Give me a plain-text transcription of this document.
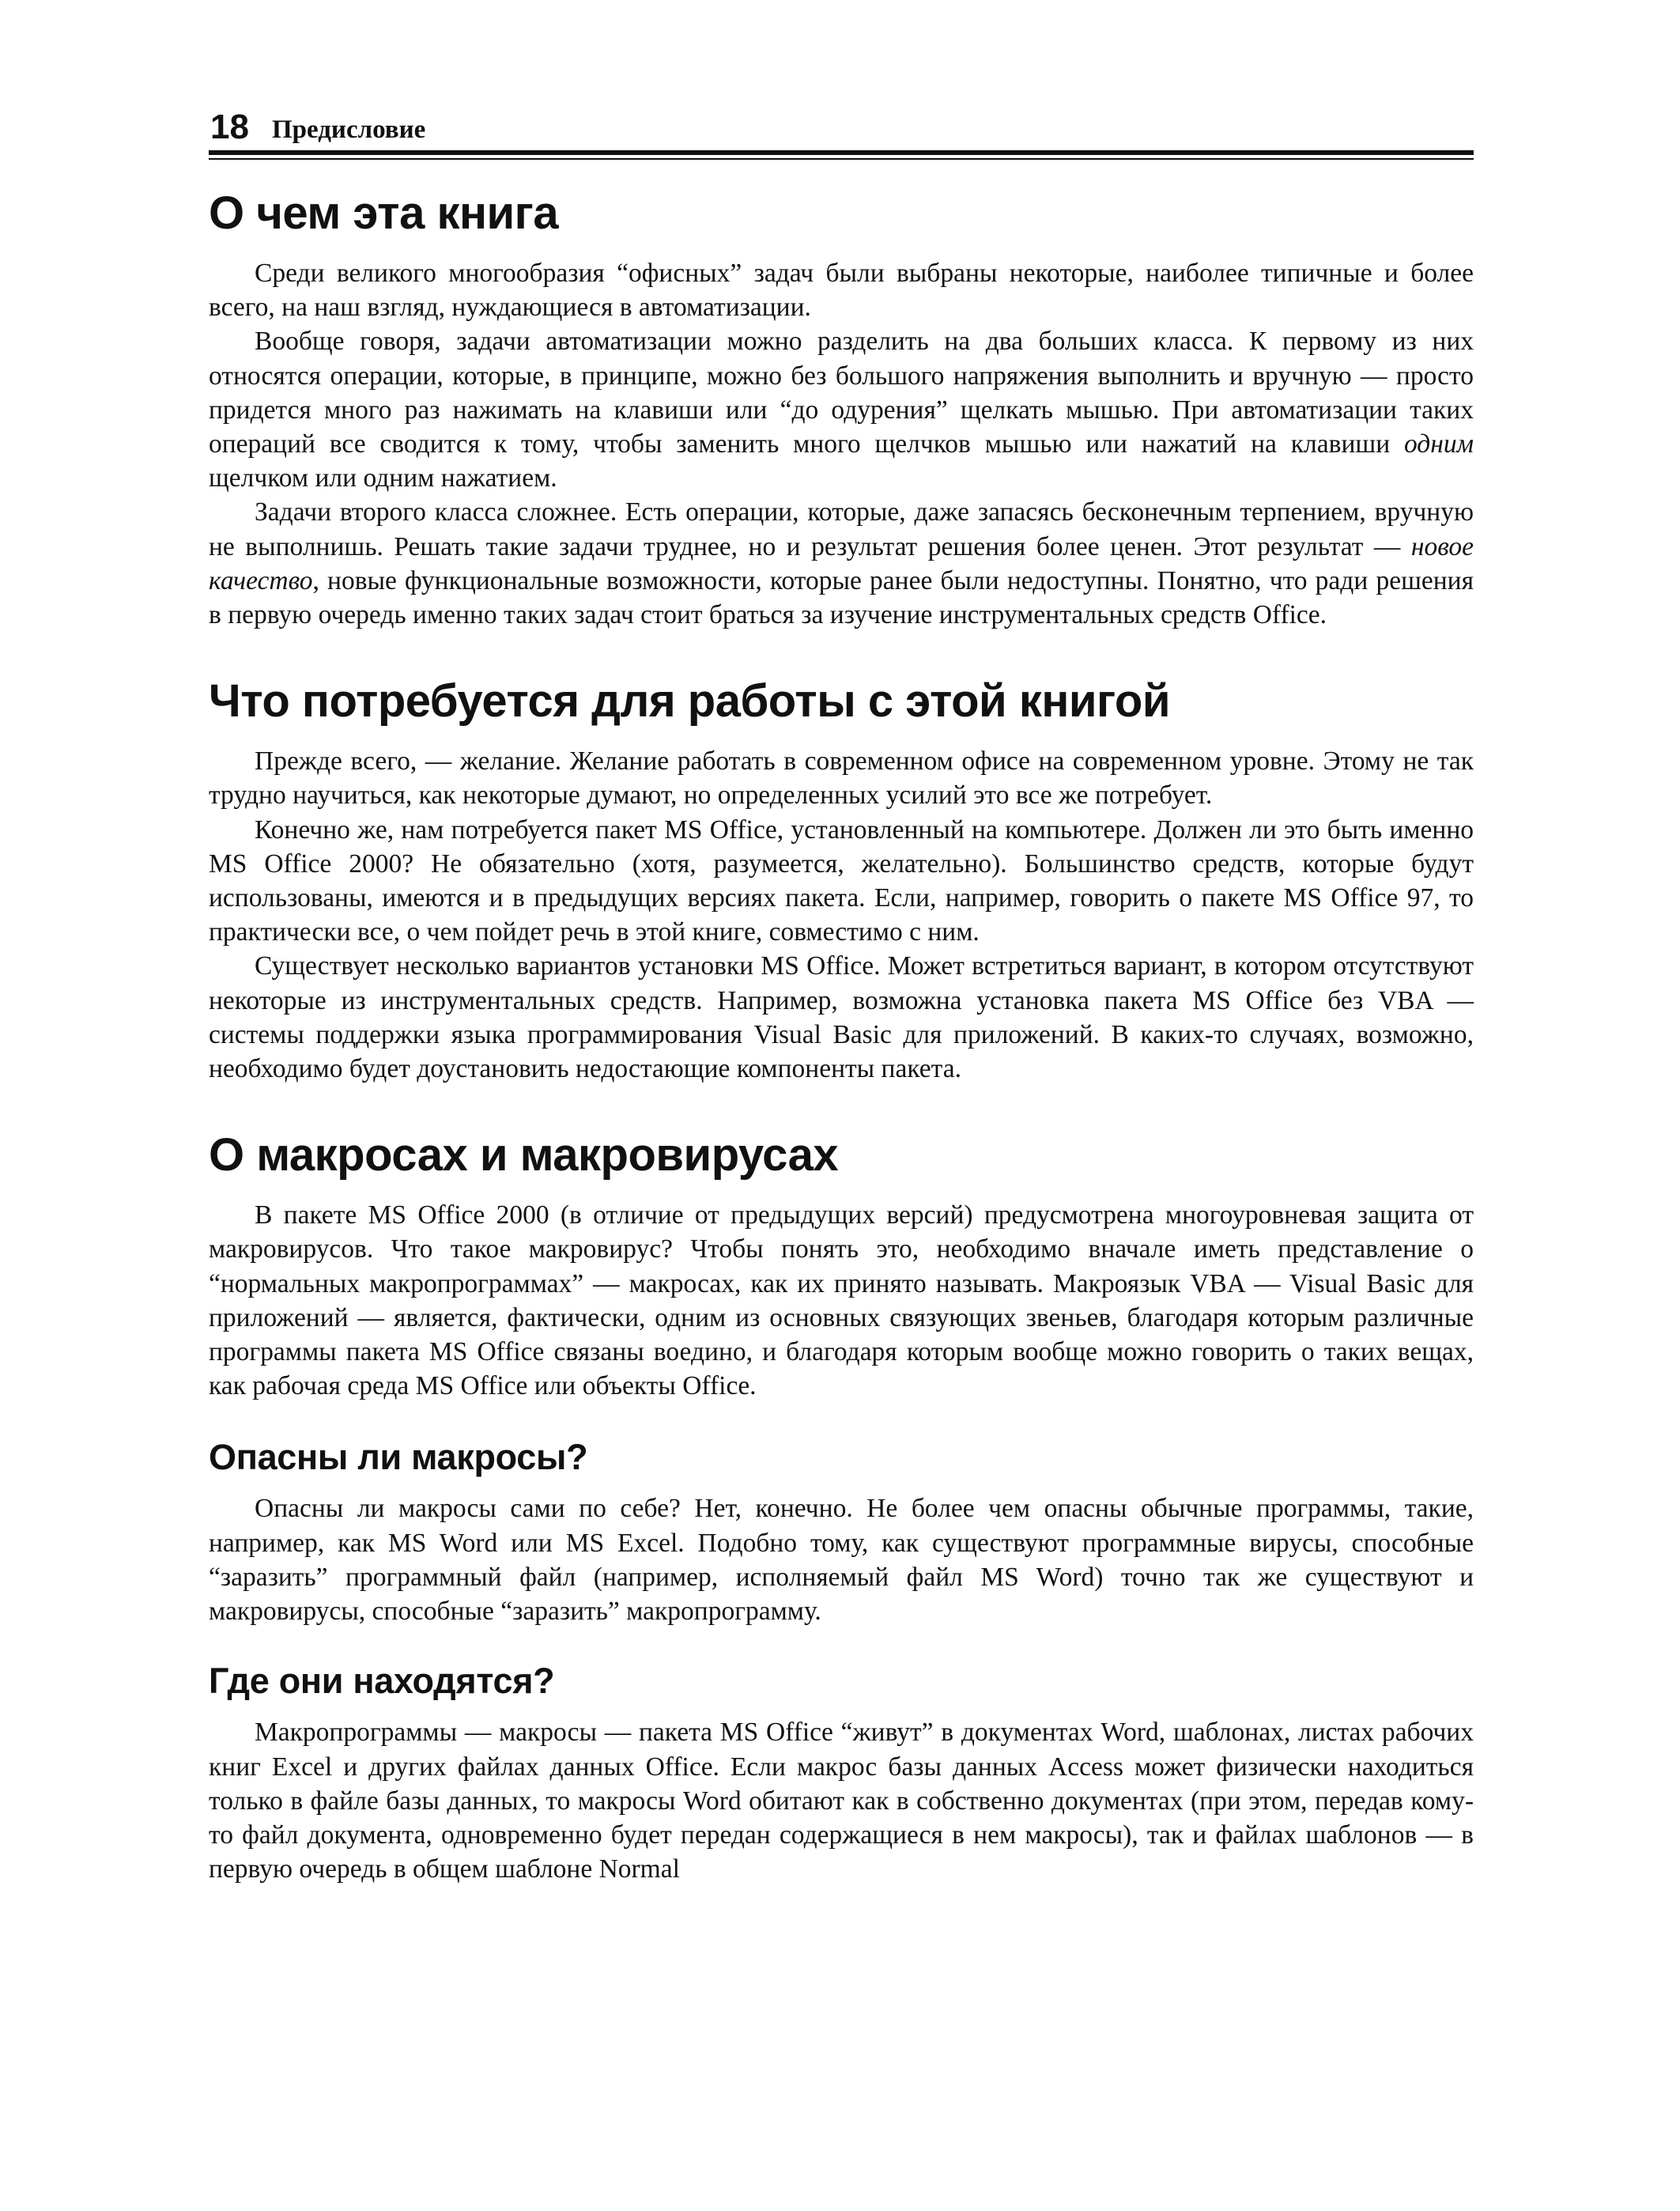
18 Предисловие
О чем эта книга

Среди великого многообразия “офисных” задач были выбраны некоторые, наиболее типичные и более всего, на наш взгляд, нуждающиеся в автоматизации.

Вообще говоря, задачи автоматизации можно разделить на два больших класса. К первому из них относятся операции, которые, в принципе, можно без большого напряжения выполнить и вручную — просто придется много раз нажимать на клавиши или “до одурения” щелкать мышью. При автоматизации таких операций все сводится к тому, чтобы заменить много щелчков мышью или нажатий на клавиши одним щелчком или одним нажатием.

Задачи второго класса сложнее. Есть операции, которые, даже запасясь бесконечным терпением, вручную не выполнишь. Решать такие задачи труднее, но и результат решения более ценен. Этот результат — новое качество, новые функциональные возможности, которые ранее были недоступны. Понятно, что ради решения в первую очередь именно таких задач стоит браться за изучение инструментальных средств Office.

Что потребуется для работы с этой книгой

Прежде всего, — желание. Желание работать в современном офисе на современном уровне. Этому не так трудно научиться, как некоторые думают, но определенных усилий это все же потребует.

Конечно же, нам потребуется пакет MS Office, установленный на компьютере. Должен ли это быть именно MS Office 2000? Не обязательно (хотя, разумеется, желательно). Большинство средств, которые будут использованы, имеются и в предыдущих версиях пакета. Если, например, говорить о пакете MS Office 97, то практически все, о чем пойдет речь в этой книге, совместимо с ним.

Существует несколько вариантов установки MS Office. Может встретиться вариант, в котором отсутствуют некоторые из инструментальных средств. Например, возможна установка пакета MS Office без VBA — системы поддержки языка программирования Visual Basic для приложений. В каких-то случаях, возможно, необходимо будет доустановить недостающие компоненты пакета.

О макросах и макровирусах

В пакете MS Office 2000 (в отличие от предыдущих версий) предусмотрена многоуровневая защита от макровирусов. Что такое макровирус? Чтобы понять это, необходимо вначале иметь представление о “нормальных макропрограммах” — макросах, как их принято называть. Макроязык VBA — Visual Basic для приложений — является, фактически, одним из основных связующих звеньев, благодаря которым различные программы пакета MS Office связаны воедино, и благодаря которым вообще можно говорить о таких вещах, как рабочая среда MS Office или объекты Office.

Опасны ли макросы?

Опасны ли макросы сами по себе? Нет, конечно. Не более чем опасны обычные программы, такие, например, как MS Word или MS Excel. Подобно тому, как существуют программные вирусы, способные “заразить” программный файл (например, исполняемый файл MS Word) точно так же существуют и макровирусы, способные “заразить” макропрограмму.

Где они находятся?

Макропрограммы — макросы — пакета MS Office “живут” в документах Word, шаблонах, листах рабочих книг Excel и других файлах данных Office. Если макрос базы данных Access может физически находиться только в файле базы данных, то макросы Word обитают как в собственно документах (при этом, передав кому-то файл документа, одновременно будет передан содержащиеся в нем макросы), так и файлах шаблонов — в первую очередь в общем шаблоне Normal
